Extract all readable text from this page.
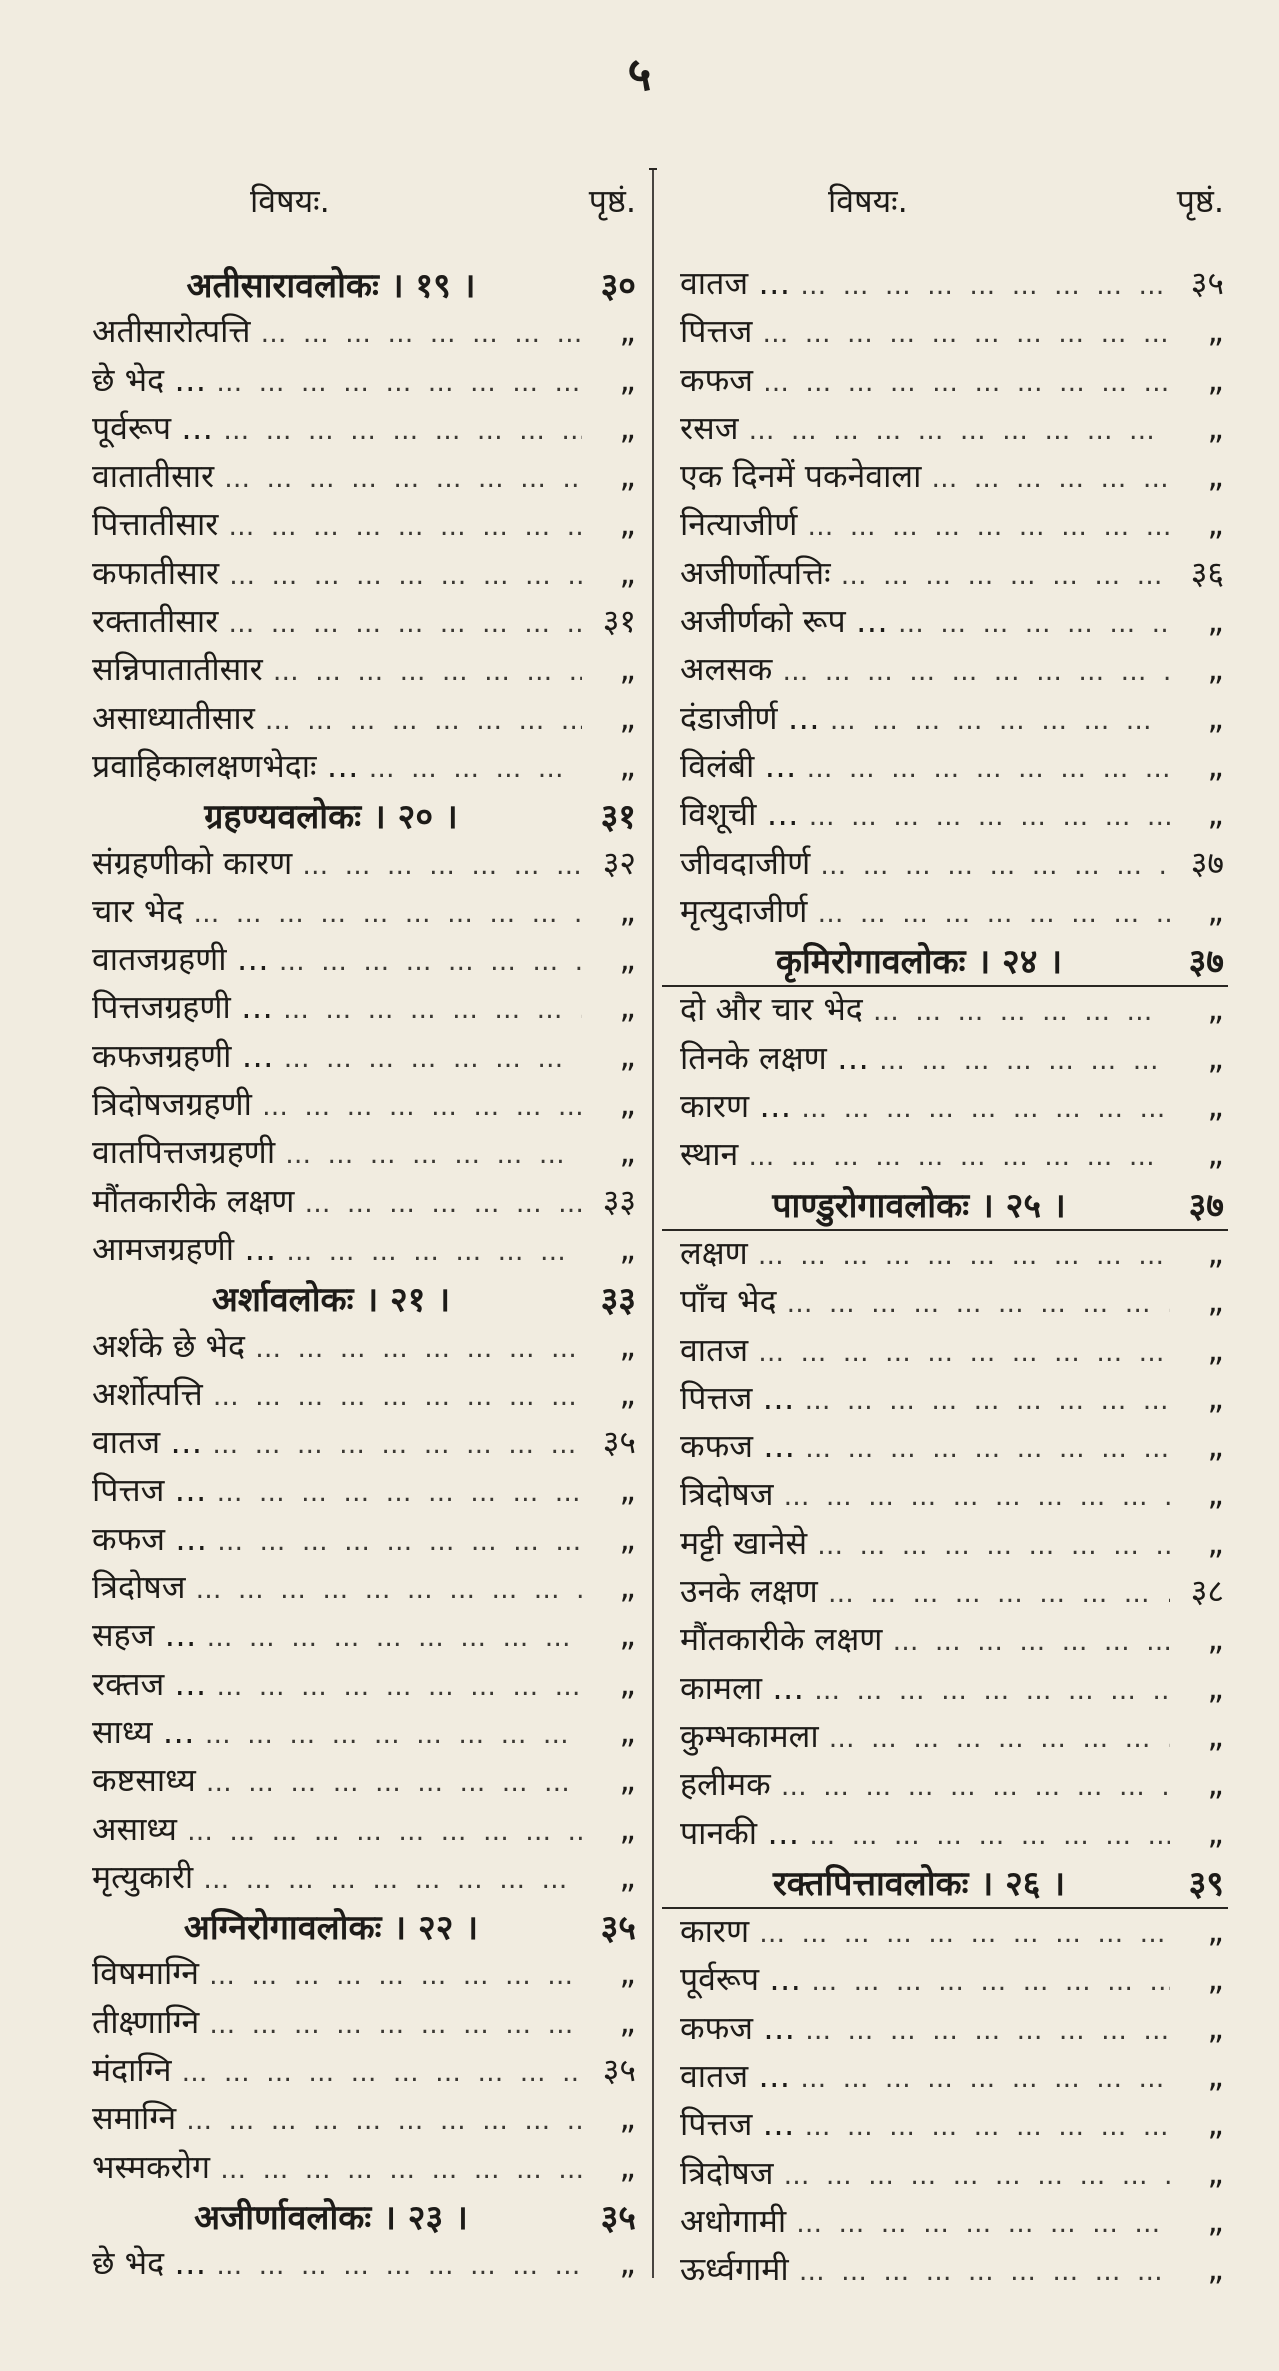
५
विषयः.	पृष्ठं.
अतीसारावलोकः । १९ ।	३०
अतीसारोत्पत्ति … … … … … … … … … … … … … … …	„
छे भेद … … … … … … … … … … … … … … … …	„
पूर्वरूप … … … … … … … … … … … … … … … …	„
वातातीसार … … … … … … … … … … … … … … …	„
पित्तातीसार … … … … … … … … … … … … … … …	„
कफातीसार … … … … … … … … … … … … … … …	„
रक्तातीसार … … … … … … … … … … … … … … …	३१
सन्निपातातीसार … … … … … … … … … … … … … … …	„
असाध्यातीसार … … … … … … … … … … … … … … …	„
प्रवाहिकालक्षणभेदाः … … … … … … … … … … … … … … … …	„
ग्रहण्यवलोकः । २० ।	३१
संग्रहणीको कारण … … … … … … … … … … … … … … …	३२
चार भेद … … … … … … … … … … … … … … …	„
वातजग्रहणी … … … … … … … … … … … … … … … …	„
पित्तजग्रहणी … … … … … … … … … … … … … … … …	„
कफजग्रहणी … … … … … … … … … … … … … … … …	„
त्रिदोषजग्रहणी … … … … … … … … … … … … … … …	„
वातपित्तजग्रहणी … … … … … … … … … … … … … … …	„
मौंतकारीके लक्षण … … … … … … … … … … … … … … …	३३
आमजग्रहणी … … … … … … … … … … … … … … … …	„
अर्शावलोकः । २१ ।	३३
अर्शके छे भेद … … … … … … … … … … … … … … …	„
अर्शोत्पत्ति … … … … … … … … … … … … … … …	„
वातज … … … … … … … … … … … … … … … …	३५
पित्तज … … … … … … … … … … … … … … … …	„
कफज … … … … … … … … … … … … … … … …	„
त्रिदोषज … … … … … … … … … … … … … … …	„
सहज … … … … … … … … … … … … … … … …	„
रक्तज … … … … … … … … … … … … … … … …	„
साध्य … … … … … … … … … … … … … … … …	„
कष्टसाध्य … … … … … … … … … … … … … … …	„
असाध्य … … … … … … … … … … … … … … …	„
मृत्युकारी … … … … … … … … … … … … … … …	„
अग्निरोगावलोकः । २२ ।	३५
विषमाग्नि … … … … … … … … … … … … … … …	„
तीक्ष्णाग्नि … … … … … … … … … … … … … … …	„
मंदाग्नि … … … … … … … … … … … … … … …	३५
समाग्नि … … … … … … … … … … … … … … …	„
भस्मकरोग … … … … … … … … … … … … … … …	„
अजीर्णावलोकः । २३ ।	३५
छे भेद … … … … … … … … … … … … … … … …	„
विषयः.	पृष्ठं.
वातज … … … … … … … … … … … … … … … …	३५
पित्तज … … … … … … … … … … … … … … …	„
कफज … … … … … … … … … … … … … … …	„
रसज … … … … … … … … … … … … … … …	„
एक दिनमें पकनेवाला … … … … … … … … … … … … … … …	„
नित्याजीर्ण … … … … … … … … … … … … … … …	„
अजीर्णोत्पत्तिः … … … … … … … … … … … … … … …	३६
अजीर्णको रूप … … … … … … … … … … … … … … … …	„
अलसक … … … … … … … … … … … … … … …	„
दंडाजीर्ण … … … … … … … … … … … … … … … …	„
विलंबी … … … … … … … … … … … … … … … …	„
विशूची … … … … … … … … … … … … … … … …	„
जीवदाजीर्ण … … … … … … … … … … … … … … …	३७
मृत्युदाजीर्ण … … … … … … … … … … … … … … …	„
कृमिरोगावलोकः । २४ ।	३७
दो और चार भेद … … … … … … … … … … … … … … …	„
तिनके लक्षण … … … … … … … … … … … … … … … …	„
कारण … … … … … … … … … … … … … … … …	„
स्थान … … … … … … … … … … … … … … …	„
पाण्डुरोगावलोकः । २५ ।	३७
लक्षण … … … … … … … … … … … … … … …	„
पाँच भेद … … … … … … … … … … … … … … …	„
वातज … … … … … … … … … … … … … … …	„
पित्तज … … … … … … … … … … … … … … … …	„
कफज … … … … … … … … … … … … … … … …	„
त्रिदोषज … … … … … … … … … … … … … … …	„
मट्टी खानेसे … … … … … … … … … … … … … … …	„
उनके लक्षण … … … … … … … … … … … … … … …	३८
मौंतकारीके लक्षण … … … … … … … … … … … … … … …	„
कामला … … … … … … … … … … … … … … … …	„
कुम्भकामला … … … … … … … … … … … … … … …	„
हलीमक … … … … … … … … … … … … … … …	„
पानकी … … … … … … … … … … … … … … … …	„
रक्तपित्तावलोकः । २६ ।	३९
कारण … … … … … … … … … … … … … … …	„
पूर्वरूप … … … … … … … … … … … … … … … …	„
कफज … … … … … … … … … … … … … … … …	„
वातज … … … … … … … … … … … … … … … …	„
पित्तज … … … … … … … … … … … … … … … …	„
त्रिदोषज … … … … … … … … … … … … … … …	„
अधोगामी … … … … … … … … … … … … … … …	„
ऊर्ध्वगामी … … … … … … … … … … … … … … …	„
